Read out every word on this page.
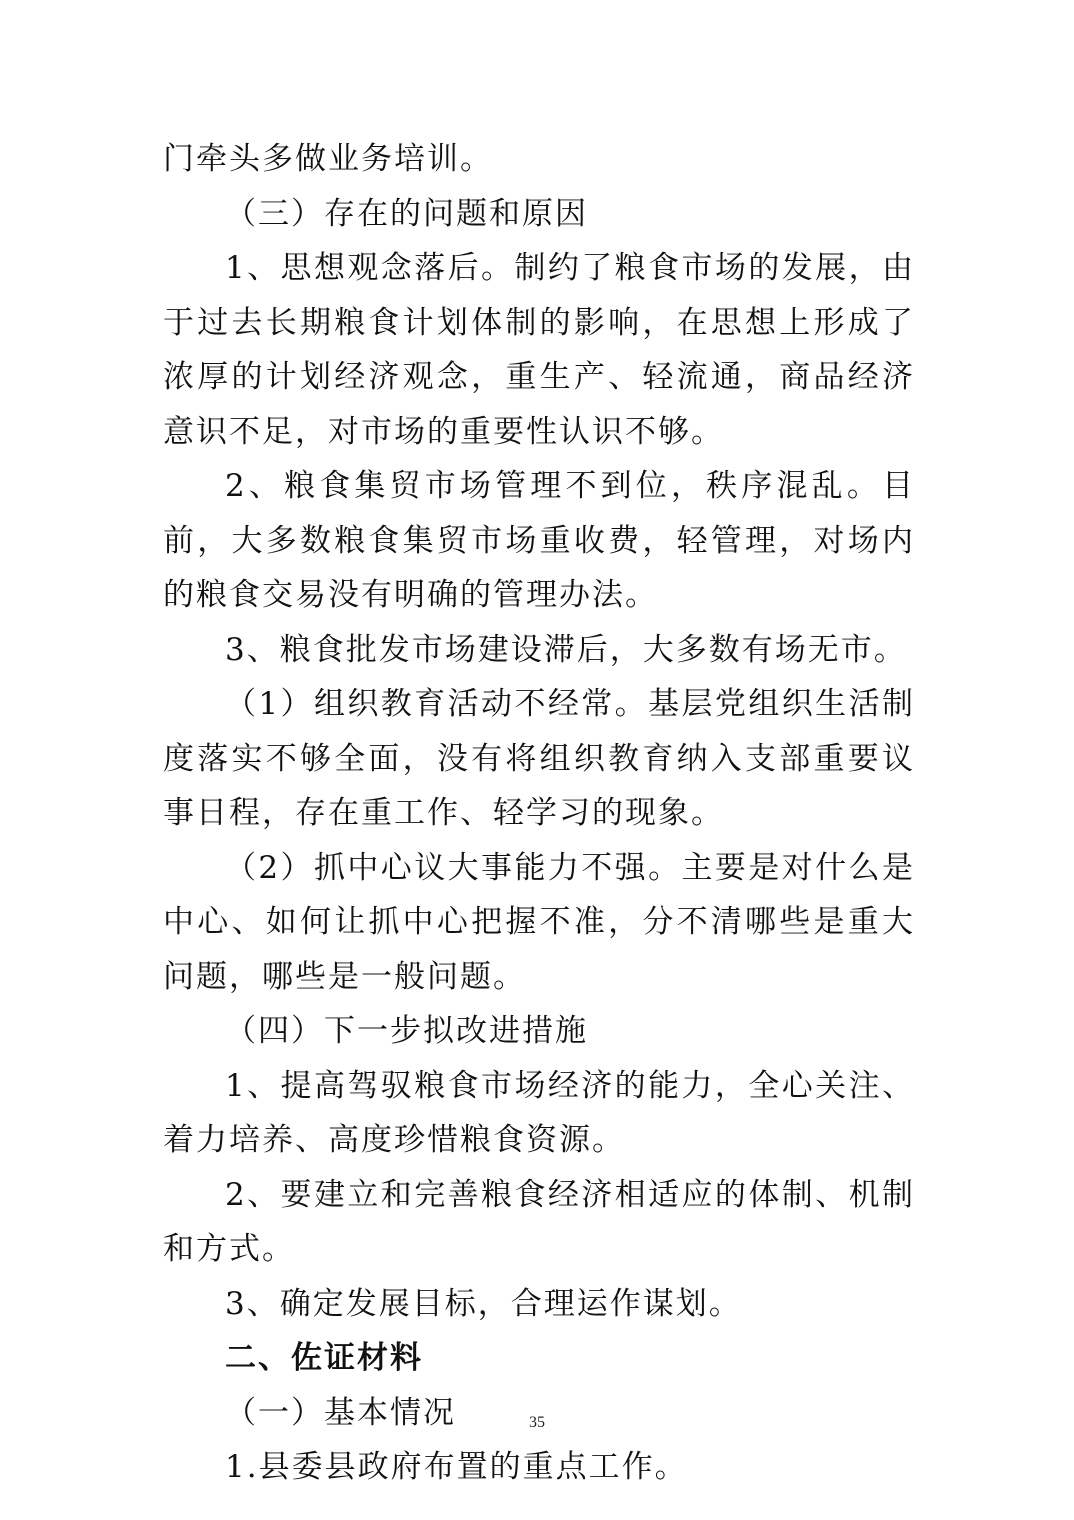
门牵头多做业务培训。

（三）存在的问题和原因

1、思想观念落后。制约了粮食市场的发展，由于过去长期粮食计划体制的影响，在思想上形成了浓厚的计划经济观念，重生产、轻流通，商品经济意识不足，对市场的重要性认识不够。

2、粮食集贸市场管理不到位，秩序混乱。目前，大多数粮食集贸市场重收费，轻管理，对场内的粮食交易没有明确的管理办法。

3、粮食批发市场建设滞后，大多数有场无市。

（1）组织教育活动不经常。基层党组织生活制度落实不够全面，没有将组织教育纳入支部重要议事日程，存在重工作、轻学习的现象。

（2）抓中心议大事能力不强。主要是对什么是中心、如何让抓中心把握不准，分不清哪些是重大问题，哪些是一般问题。

（四）下一步拟改进措施

1、提高驾驭粮食市场经济的能力，全心关注、着力培养、高度珍惜粮食资源。

2、要建立和完善粮食经济相适应的体制、机制和方式。

3、确定发展目标，合理运作谋划。

二、佐证材料

（一）基本情况

1.县委县政府布置的重点工作。

35
